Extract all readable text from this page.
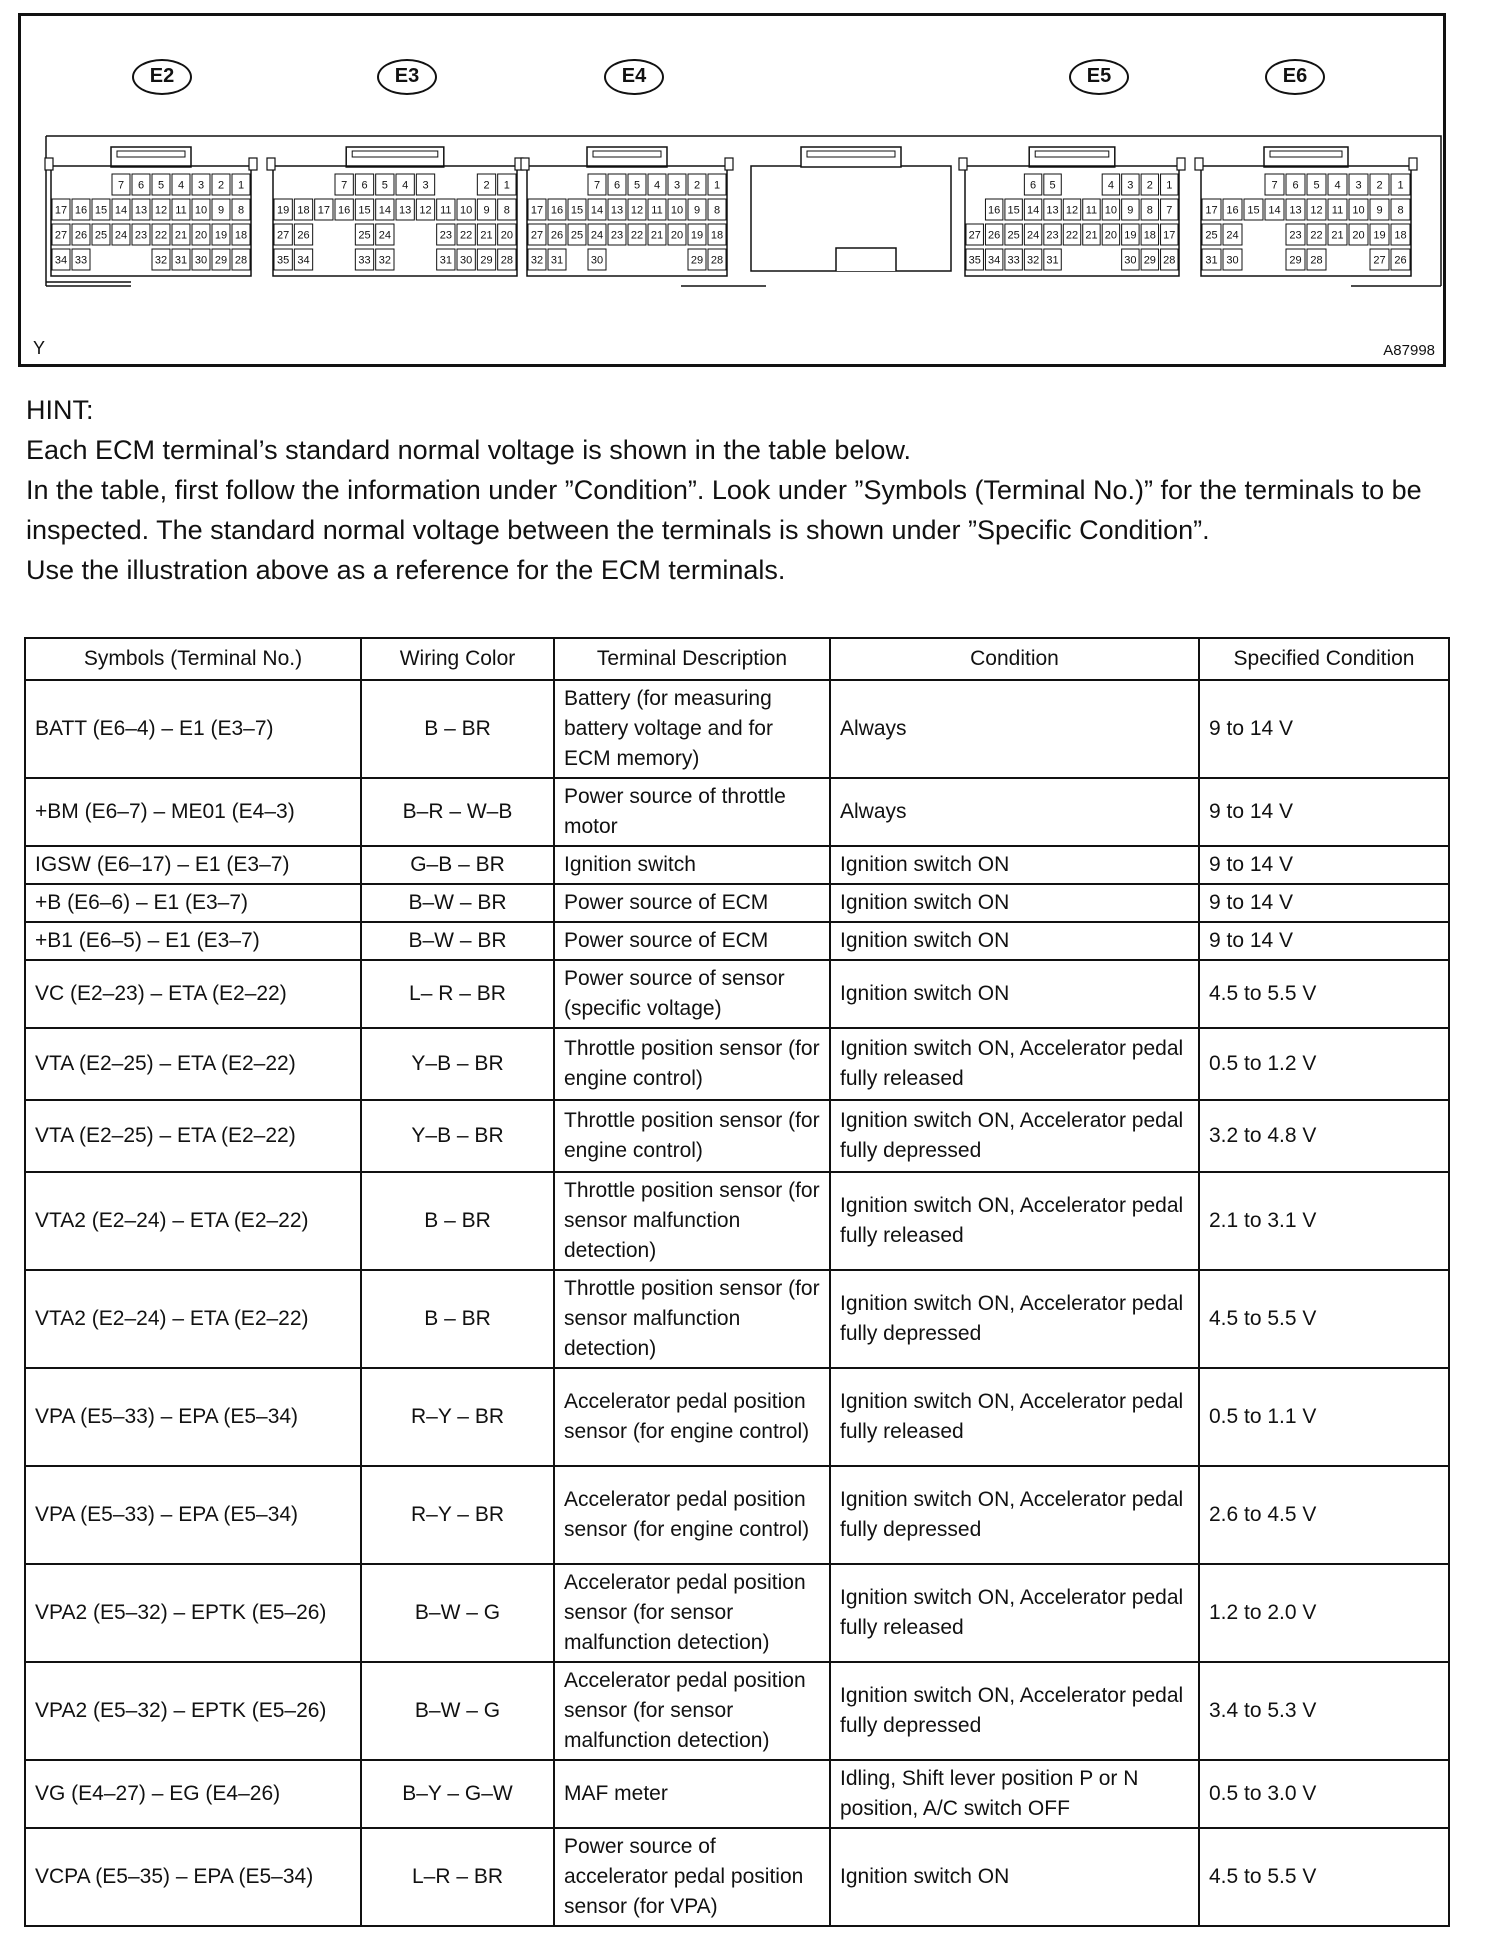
E2	E3	E4	E5	E6
7 6 5 4 3 2 1
17 16 15 14 13 12 11 10 9 8
27 26 25 24 23 22 21 20 19 18
34 33	32 31 30 29 28
7 6 5 4 3	2 1
19 18 17 16 15 14 13 12 11 10 9 8
27 26	25 24	23 22 21 20
35 34	33 32	31 30 29 28
7 6 5 4 3 2 1
17 16 15 14 13 12 11 10 9 8
27 26 25 24 23 22 21 20 19 18
32 31	30	29 28
6 5	4 3 2 1
16 15 14 13 12 11 10 9 8 7
27 26 25 24 23 22 21 20 19 18 17
35 34 33 32 31	30 29 28
7 6 5 4 3 2 1
17 16 15 14 13 12 11 10 9 8
25 24	23 22 21 20 19 18
31 30	29 28	27 26
Y	A87998

HINT:

Each ECM terminal’s standard normal voltage is shown in the table below.

In the table, first follow the information under ”Condition”. Look under ”Symbols (Terminal No.)” for the terminals to be inspected. The standard normal voltage between the terminals is shown under ”Specific Condition”.

Use the illustration above as a reference for the ECM terminals.

Symbols (Terminal No.)	Wiring Color	Terminal Description	Condition	Specified Condition
BATT (E6–4) – E1 (E3–7)	B – BR	Battery (for measuring battery voltage and for ECM memory)	Always	9 to 14 V
+BM (E6–7) – ME01 (E4–3)	B–R – W–B	Power source of throttle motor	Always	9 to 14 V
IGSW (E6–17) – E1 (E3–7)	G–B – BR	Ignition switch	Ignition switch ON	9 to 14 V
+B (E6–6) – E1 (E3–7)	B–W – BR	Power source of ECM	Ignition switch ON	9 to 14 V
+B1 (E6–5) – E1 (E3–7)	B–W – BR	Power source of ECM	Ignition switch ON	9 to 14 V
VC (E2–23) – ETA (E2–22)	L– R – BR	Power source of sensor (specific voltage)	Ignition switch ON	4.5 to 5.5 V
VTA (E2–25) – ETA (E2–22)	Y–B – BR	Throttle position sensor (for engine control)	Ignition switch ON, Accelerator pedal fully released	0.5 to 1.2 V
VTA (E2–25) – ETA (E2–22)	Y–B – BR	Throttle position sensor (for engine control)	Ignition switch ON, Accelerator pedal fully depressed	3.2 to 4.8 V
VTA2 (E2–24) – ETA (E2–22)	B – BR	Throttle position sensor (for sensor malfunction detection)	Ignition switch ON, Accelerator pedal fully released	2.1 to 3.1 V
VTA2 (E2–24) – ETA (E2–22)	B – BR	Throttle position sensor (for sensor malfunction detection)	Ignition switch ON, Accelerator pedal fully depressed	4.5 to 5.5 V
VPA (E5–33) – EPA (E5–34)	R–Y – BR	Accelerator pedal position sensor (for engine control)	Ignition switch ON, Accelerator pedal fully released	0.5 to 1.1 V
VPA (E5–33) – EPA (E5–34)	R–Y – BR	Accelerator pedal position sensor (for engine control)	Ignition switch ON, Accelerator pedal fully depressed	2.6 to 4.5 V
VPA2 (E5–32) – EPTK (E5–26)	B–W – G	Accelerator pedal position sensor (for sensor malfunction detection)	Ignition switch ON, Accelerator pedal fully released	1.2 to 2.0 V
VPA2 (E5–32) – EPTK (E5–26)	B–W – G	Accelerator pedal position sensor (for sensor malfunction detection)	Ignition switch ON, Accelerator pedal fully depressed	3.4 to 5.3 V
VG (E4–27) – EG (E4–26)	B–Y – G–W	MAF meter	Idling, Shift lever position P or N position, A/C switch OFF	0.5 to 3.0 V
VCPA (E5–35) – EPA (E5–34)	L–R – BR	Power source of accelerator pedal position sensor (for VPA)	Ignition switch ON	4.5 to 5.5 V
